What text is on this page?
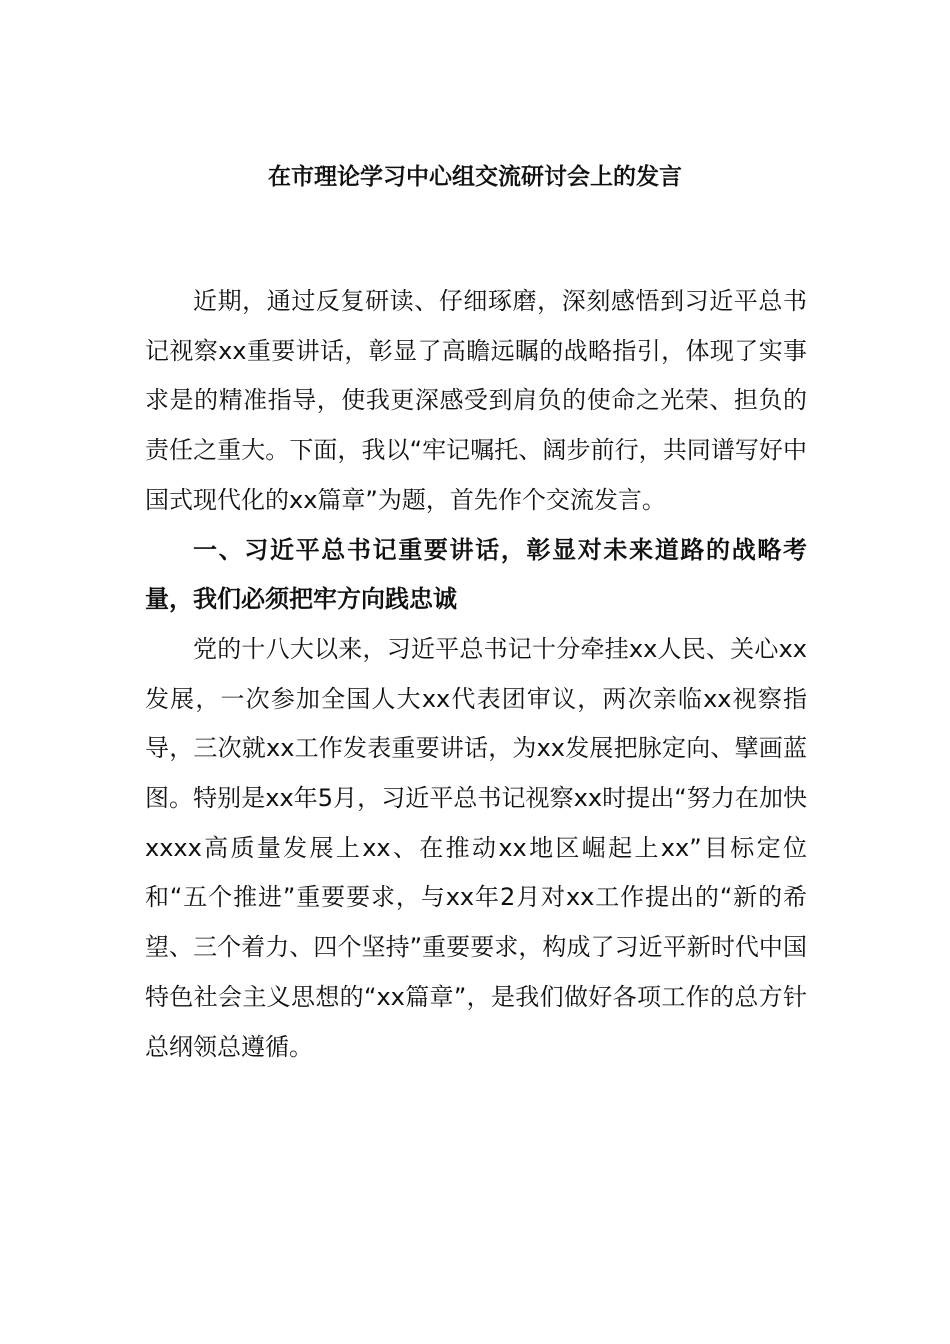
在市理论学习中心组交流研讨会上的发言

近期，通过反复研读、仔细琢磨，深刻感悟到习近平总书记视察xx重要讲话，彰显了高瞻远瞩的战略指引，体现了实事求是的精准指导，使我更深感受到肩负的使命之光荣、担负的责任之重大。下面，我以“牢记嘱托、阔步前行，共同谱写好中国式现代化的xx篇章”为题，首先作个交流发言。

一、习近平总书记重要讲话，彰显对未来道路的战略考量，我们必须把牢方向践忠诚

党的十八大以来，习近平总书记十分牵挂xx人民、关心xx发展，一次参加全国人大xx代表团审议，两次亲临xx视察指导，三次就xx工作发表重要讲话，为xx发展把脉定向、擘画蓝图。特别是xx年5月，习近平总书记视察xx时提出“努力在加快xxxx高质量发展上xx、在推动xx地区崛起上xx”目标定位和“五个推进”重要要求，与xx年2月对xx工作提出的“新的希望、三个着力、四个坚持”重要要求，构成了习近平新时代中国特色社会主义思想的“xx篇章”，是我们做好各项工作的总方针总纲领总遵循。
